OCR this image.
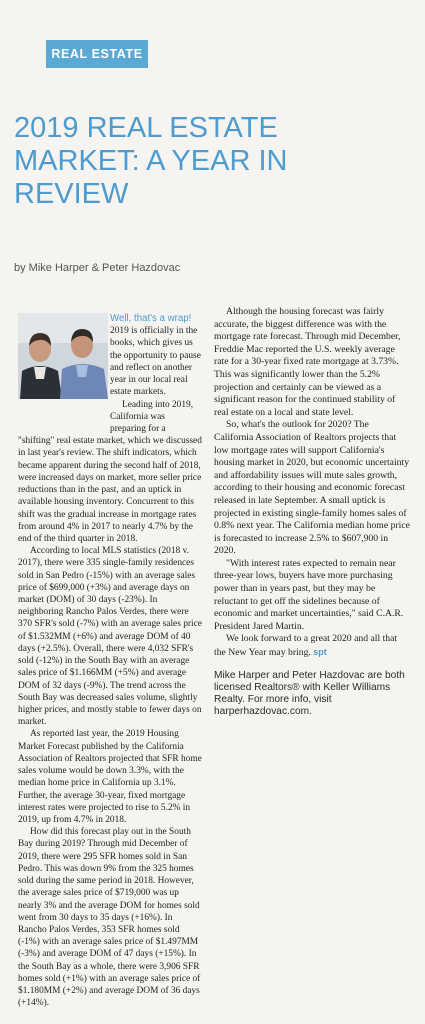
REAL ESTATE
2019 REAL ESTATE MARKET: A YEAR IN REVIEW
by Mike Harper & Peter Hazdovac

Well, that's a wrap! 2019 is officially in the books, which gives us the opportunity to pause and reflect on another year in our local real estate markets.

Leading into 2019, California was preparing for a "shifting" real estate market, which we discussed in last year's review. The shift indicators, which became apparent during the second half of 2018, were increased days on market, more seller price reductions than in the past, and an uptick in available housing inventory. Concurrent to this shift was the gradual increase in mortgage rates from around 4% in 2017 to nearly 4.7% by the end of the third quarter in 2018.

According to local MLS statistics (2018 v. 2017), there were 335 single-family residences sold in San Pedro (-15%) with an average sales price of $699,000 (+3%) and average days on market (DOM) of 30 days (-23%). In neighboring Rancho Palos Verdes, there were 370 SFR's sold (-7%) with an average sales price of $1.532MM (+6%) and average DOM of 40 days (+2.5%). Overall, there were 4,032 SFR's sold (-12%) in the South Bay with an average sales price of $1.166MM (+5%) and average DOM of 32 days (-9%). The trend across the South Bay was decreased sales volume, slightly higher prices, and mostly stable to fewer days on market.

As reported last year, the 2019 Housing Market Forecast published by the California Association of Realtors projected that SFR home sales volume would be down 3.3%, with the median home price in California up 3.1%. Further, the average 30-year, fixed mortgage interest rates were projected to rise to 5.2% in 2019, up from 4.7% in 2018.

How did this forecast play out in the South Bay during 2019? Through mid December of 2019, there were 295 SFR homes sold in San Pedro. This was down 9% from the 325 homes sold during the same period in 2018. However, the average sales price of $719,000 was up nearly 3% and the average DOM for homes sold went from 30 days to 35 days (+16%). In Rancho Palos Verdes, 353 SFR homes sold (-1%) with an average sales price of $1.497MM (-3%) and average DOM of 47 days (+15%). In the South Bay as a whole, there were 3,906 SFR homes sold (+1%) with an average sales price of $1.180MM (+2%) and average DOM of 36 days (+14%).

Although the housing forecast was fairly accurate, the biggest difference was with the mortgage rate forecast. Through mid December, Freddie Mac reported the U.S. weekly average rate for a 30-year fixed rate mortgage at 3.73%. This was significantly lower than the 5.2% projection and certainly can be viewed as a significant reason for the continued stability of real estate on a local and state level.

So, what's the outlook for 2020? The California Association of Realtors projects that low mortgage rates will support California's housing market in 2020, but economic uncertainty and affordability issues will mute sales growth, according to their housing and economic forecast released in late September. A small uptick is projected in existing single-family homes sales of 0.8% next year. The California median home price is forecasted to increase 2.5% to $607,900 in 2020.

"With interest rates expected to remain near three-year lows, buyers have more purchasing power than in years past, but they may be reluctant to get off the sidelines because of economic and market uncertainties," said C.A.R. President Jared Martin.

We look forward to a great 2020 and all that the New Year may bring. spt

Mike Harper and Peter Hazdovac are both licensed Realtors® with Keller Williams Realty. For more info, visit harperhazdovac.com.
